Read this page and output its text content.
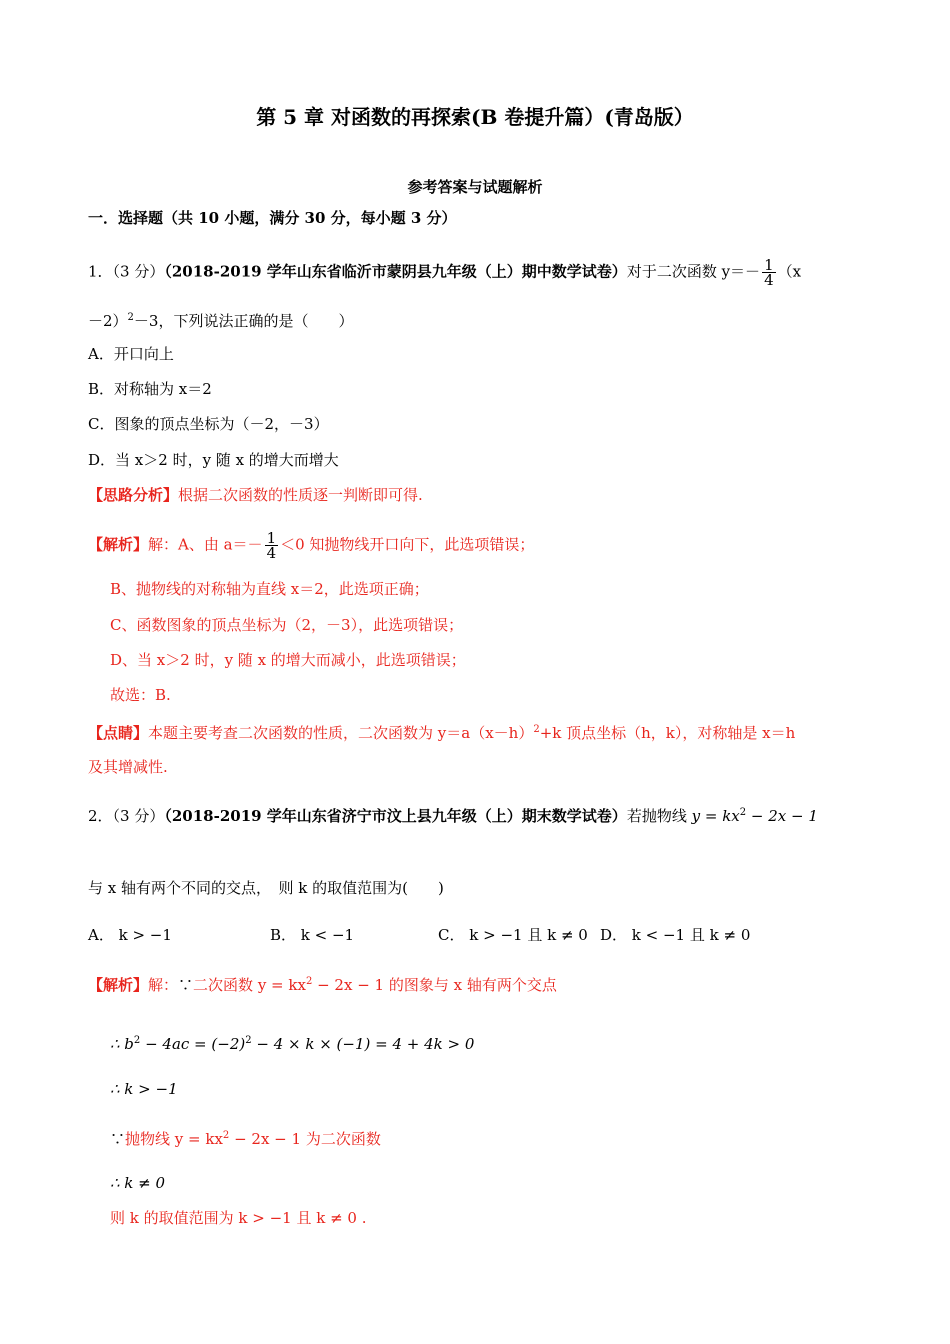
第 5 章 对函数的再探索(B 卷提升篇）(青岛版）
参考答案与试题解析
一．选择题（共 10 小题，满分 30 分，每小题 3 分）
1．（3 分）（2018-2019 学年山东省临沂市蒙阴县九年级（上）期中数学试卷）对于二次函数 $y=- \frac{1}{4} (x$
－2）$^2$－3，下列说法正确的是（　　）
A．开口向上
B．对称轴为 x＝2
C．图象的顶点坐标为（－2，－3）
D．当 x＞2 时，y 随 x 的增大而增大
【思路分析】根据二次函数的性质逐一判断即可得.
【解析】解：A、由 $a=- \frac{1}{4} <0$ 知抛物线开口向下，此选项错误；
B、抛物线的对称轴为直线 x＝2，此选项正确；
C、函数图象的顶点坐标为（2，－3），此选项错误；
D、当 x＞2 时，y 随 x 的增大而减小，此选项错误；
故选：B.
【点睛】本题主要考查二次函数的性质，二次函数为 $y=a(x-h)^2+k$ 顶点坐标（h，k），对称轴是 x＝h
及其增减性.
2．（3 分）（2018-2019 学年山东省济宁市汶上县九年级（上）期末数学试卷）若抛物线 $y = kx^2 - 2x - 1$
与 x 轴有两个不同的交点，　则 k 的取值范围为(　　)
A． k > −1	B． k < −1	C． k > −1 且 k ≠ 0 D． k < −1 且 k ≠ 0
【解析】解：∵二次函数 $y = kx^2 - 2x - 1$ 的图象与 x 轴有两个交点
∴ $b^2 - 4ac = (-2)^2 - 4 \times k \times (-1) = 4 + 4k > 0$
∴ k > −1
∵抛物线 $y = kx^2 - 2x - 1$ 为二次函数
∴ k ≠ 0
则 k 的取值范围为 k > −1 且 k ≠ 0 .
